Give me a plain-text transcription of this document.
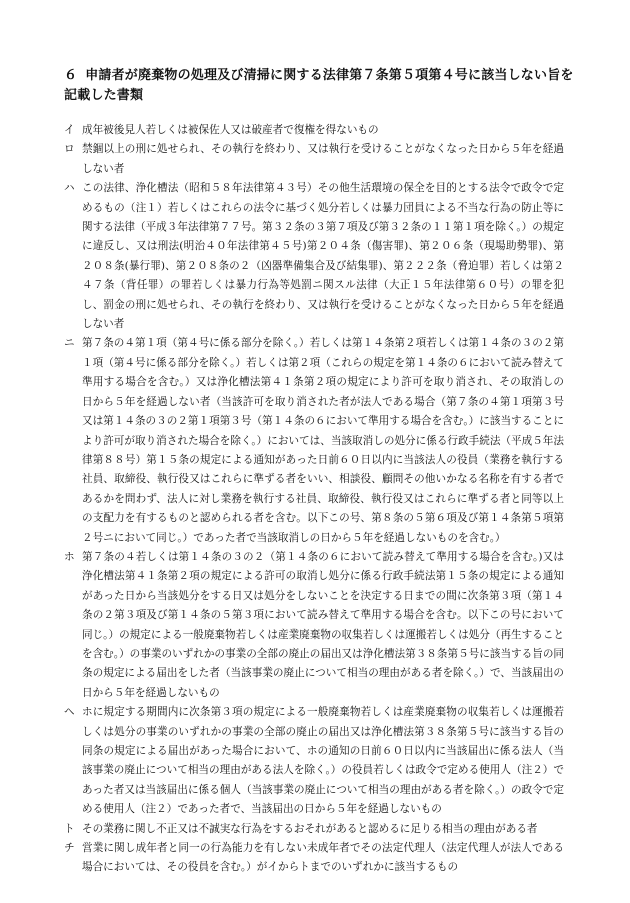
６ 申請者が廃棄物の処理及び清掃に関する法律第７条第５項第４号に該当しない旨を記載した書類
イ 成年被後見人若しくは被保佐人又は破産者で復権を得ないもの
ロ 禁錮以上の刑に処せられ、その執行を終わり、又は執行を受けることがなくなった日から５年を経過しない者
ハ この法律、浄化槽法（昭和５８年法律第４３号）その他生活環境の保全を目的とする法令で政令で定めるもの（注１）若しくはこれらの法令に基づく処分若しくは暴力団員による不当な行為の防止等に関する法律（平成３年法律第７７号。第３２条の３第７項及び第３２条の１１第１項を除く。）の規定に違反し、又は刑法(明治４０年法律第４５号)第２０４条（傷害罪)、第２０６条（現場助勢罪)、第２０８条(暴行罪)、第２０８条の２（凶器準備集合及び結集罪)、第２２２条（脅迫罪）若しくは第２４７条（背任罪）の罪若しくは暴力行為等処罰ニ関スル法律（大正１５年法律第６０号）の罪を犯し、罰金の刑に処せられ、その執行を終わり、又は執行を受けることがなくなった日から５年を経過しない者
ニ 第７条の４第１項（第４号に係る部分を除く。）若しくは第１４条第２項若しくは第１４条の３の２第１項（第４号に係る部分を除く。）若しくは第２項（これらの規定を第１４条の６において読み替えて準用する場合を含む。）又は浄化槽法第４１条第２項の規定により許可を取り消され、その取消しの日から５年を経過しない者（当該許可を取り消された者が法人である場合（第７条の４第１項第３号又は第１４条の３の２第１項第３号（第１４条の６において準用する場合を含む。）に該当することにより許可が取り消された場合を除く。）においては、当該取消しの処分に係る行政手続法（平成５年法律第８８号）第１５条の規定による通知があった日前６０日以内に当該法人の役員（業務を執行する社員、取締役、執行役又はこれらに準ずる者をいい、相談役、顧問その他いかなる名称を有する者であるかを問わず、法人に対し業務を執行する社員、取締役、執行役又はこれらに準ずる者と同等以上の支配力を有するものと認められる者を含む。以下この号、第８条の５第６項及び第１４条第５項第２号ニにおいて同じ。）であった者で当該取消しの日から５年を経過しないものを含む。）
ホ 第７条の４若しくは第１４条の３の２（第１４条の６において読み替えて準用する場合を含む。)又は浄化槽法第４１条第２項の規定による許可の取消し処分に係る行政手続法第１５条の規定による通知があった日から当該処分をする日又は処分をしないことを決定する日までの間に次条第３項（第１４条の２第３項及び第１４条の５第３項において読み替えて準用する場合を含む。以下この号において同じ。）の規定による一般廃棄物若しくは産業廃棄物の収集若しくは運搬若しくは処分（再生することを含む。）の事業のいずれかの事業の全部の廃止の届出又は浄化槽法第３８条第５号に該当する旨の同条の規定による届出をした者（当該事業の廃止について相当の理由がある者を除く。）で、当該届出の日から５年を経過しないもの
ヘ ホに規定する期間内に次条第３項の規定による一般廃棄物若しくは産業廃棄物の収集若しくは運搬若しくは処分の事業のいずれかの事業の全部の廃止の届出又は浄化槽法第３８条第５号に該当する旨の同条の規定による届出があった場合において、ホの通知の日前６０日以内に当該届出に係る法人（当該事業の廃止について相当の理由がある法人を除く。）の役員若しくは政令で定める使用人（注２）であった者又は当該届出に係る個人（当該事業の廃止について相当の理由がある者を除く。）の政令で定める使用人（注２）であった者で、当該届出の日から５年を経過しないもの
ト その業務に関し不正又は不誠実な行為をするおそれがあると認めるに足りる相当の理由がある者
チ 営業に関し成年者と同一の行為能力を有しない未成年者でその法定代理人（法定代理人が法人である場合においては、その役員を含む。）がイからトまでのいずれかに該当するもの
